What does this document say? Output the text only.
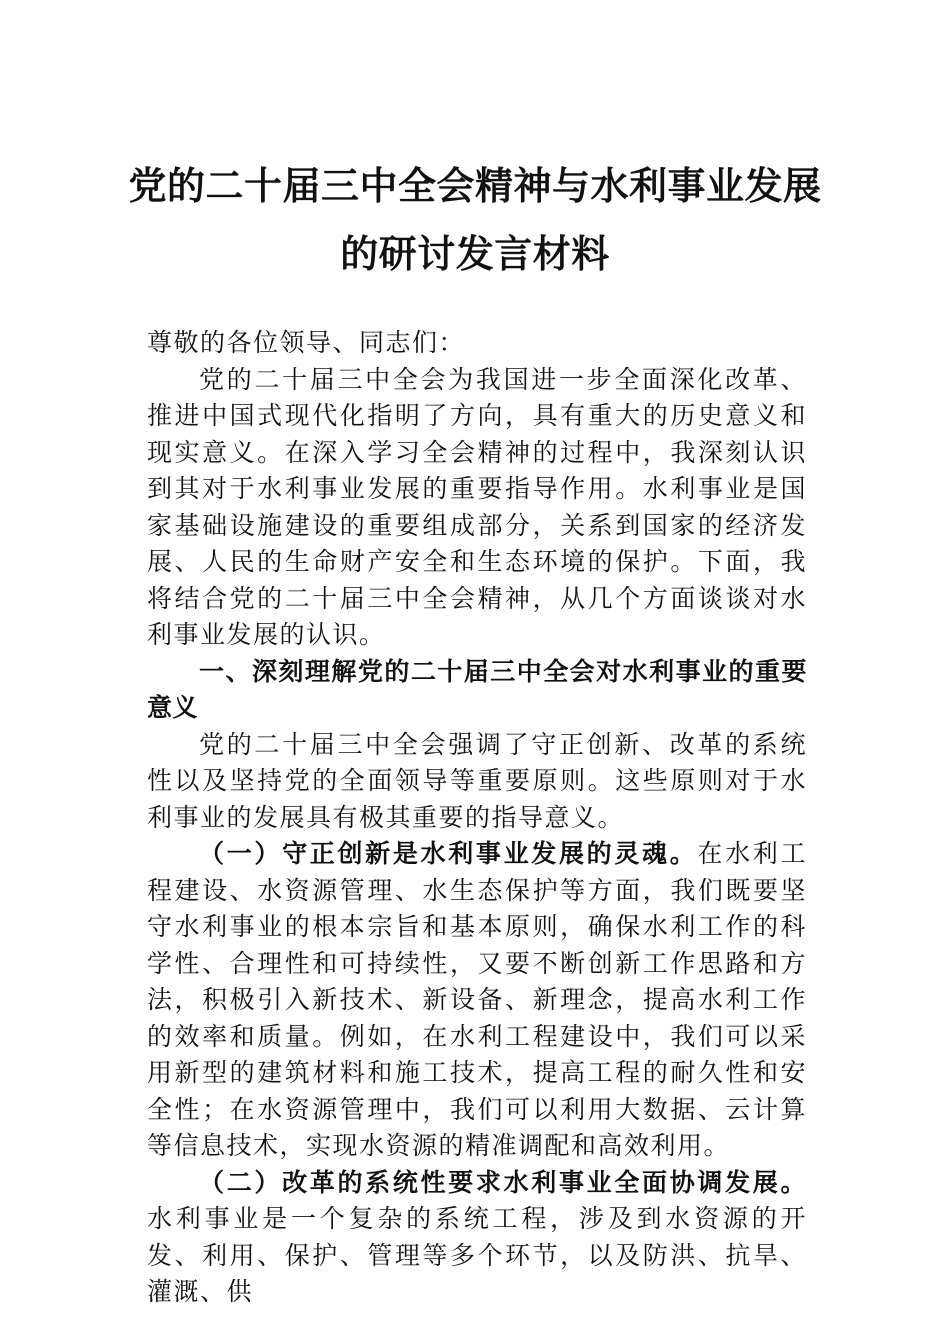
党的二十届三中全会精神与水利事业发展
的研讨发言材料

尊敬的各位领导、同志们：

党的二十届三中全会为我国进一步全面深化改革、推进中国式现代化指明了方向，具有重大的历史意义和现实意义。在深入学习全会精神的过程中，我深刻认识到其对于水利事业发展的重要指导作用。水利事业是国家基础设施建设的重要组成部分，关系到国家的经济发展、人民的生命财产安全和生态环境的保护。下面，我将结合党的二十届三中全会精神，从几个方面谈谈对水利事业发展的认识。

一、深刻理解党的二十届三中全会对水利事业的重要意义

党的二十届三中全会强调了守正创新、改革的系统性以及坚持党的全面领导等重要原则。这些原则对于水利事业的发展具有极其重要的指导意义。

（一）守正创新是水利事业发展的灵魂。在水利工程建设、水资源管理、水生态保护等方面，我们既要坚守水利事业的根本宗旨和基本原则，确保水利工作的科学性、合理性和可持续性，又要不断创新工作思路和方法，积极引入新技术、新设备、新理念，提高水利工作的效率和质量。例如，在水利工程建设中，我们可以采用新型的建筑材料和施工技术，提高工程的耐久性和安全性；在水资源管理中，我们可以利用大数据、云计算等信息技术，实现水资源的精准调配和高效利用。

（二）改革的系统性要求水利事业全面协调发展。水利事业是一个复杂的系统工程，涉及到水资源的开发、利用、保护、管理等多个环节，以及防洪、抗旱、灌溉、供
